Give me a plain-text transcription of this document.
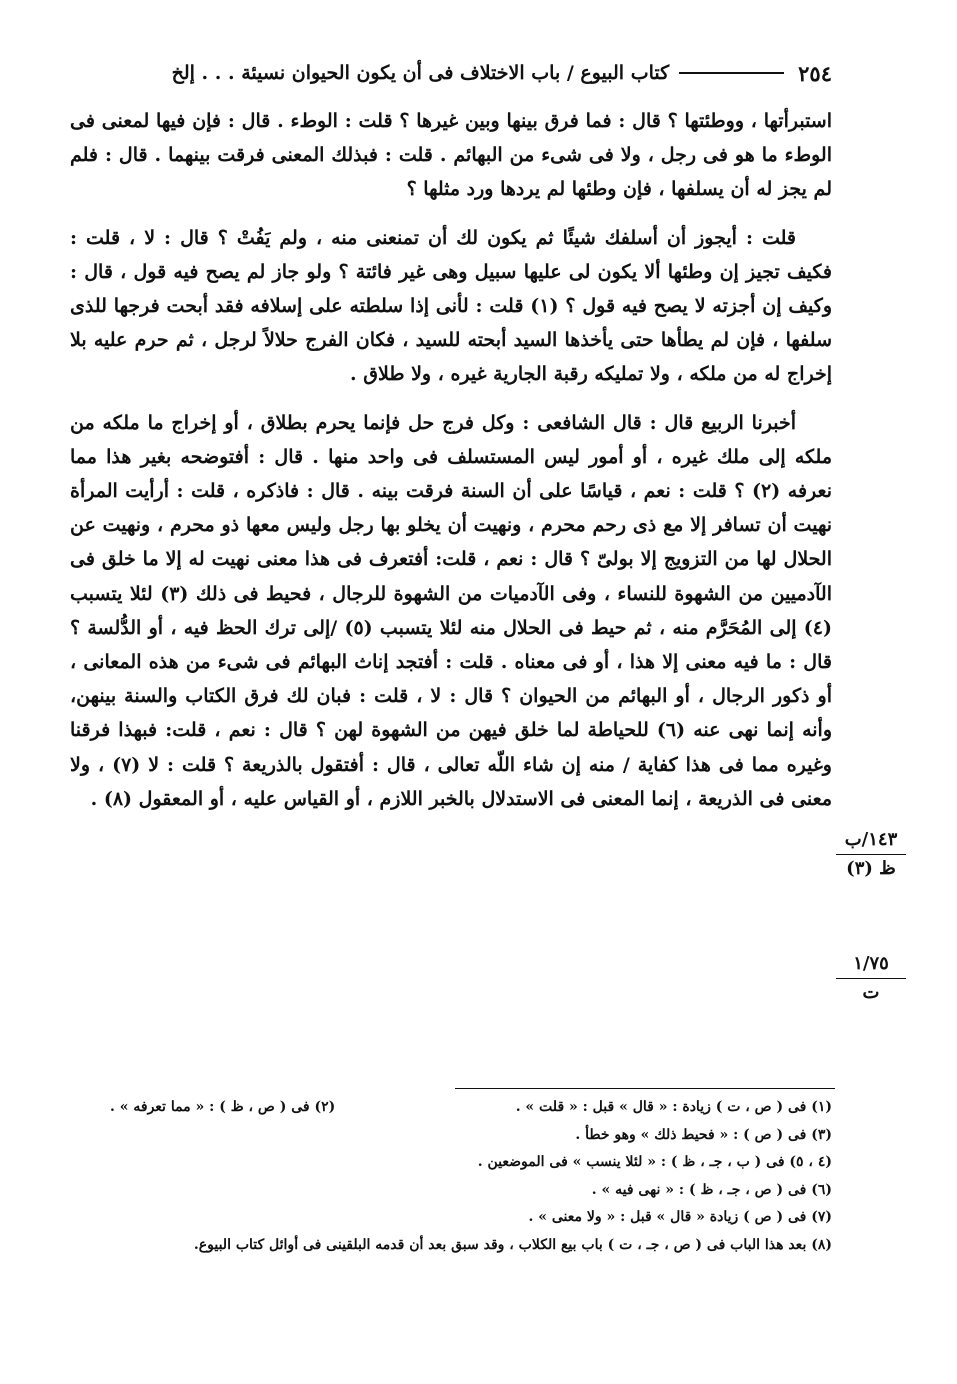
٢٥٤
كتاب البيوع / باب الاختلاف فى أن يكون الحيوان نسيئة . . . إلخ

استبرأتها ، ووطئتها ؟ قال : فما فرق بينها وبين غيرها ؟ قلت : الوطء . قال : فإن فيها لمعنى فى الوطء ما هو فى رجل ، ولا فى شىء من البهائم . قلت : فبذلك المعنى فرقت بينهما . قال : فلم لم يجز له أن يسلفها ، فإن وطئها لم يردها ورد مثلها ؟

قلت : أيجوز أن أسلفك شيئًا ثم يكون لك أن تمنعنى منه ، ولم يَفُتْ ؟ قال : لا ، قلت : فكيف تجيز إن وطئها ألا يكون لى عليها سبيل وهى غير فائتة ؟ ولو جاز لم يصح فيه قول ، قال : وكيف إن أجزته لا يصح فيه قول ؟ (١) قلت : لأنى إذا سلطته على إسلافه فقد أبحت فرجها للذى سلفها ، فإن لم يطأها حتى يأخذها السيد أبحته للسيد ، فكان الفرج حلالاً لرجل ، ثم حرم عليه بلا إخراج له من ملكه ، ولا تمليكه رقبة الجارية غيره ، ولا طلاق .

أخبرنا الربيع قال : قال الشافعى : وكل فرج حل فإنما يحرم بطلاق ، أو إخراج ما ملكه من ملكه إلى ملك غيره ، أو أمور ليس المستسلف فى واحد منها . قال : أفتوضحه بغير هذا مما نعرفه (٢) ؟ قلت : نعم ، قياسًا على أن السنة فرقت بينه . قال : فاذكره ، قلت : أرأيت المرأة نهيت أن تسافر إلا مع ذى رحم محرم ، ونهيت أن يخلو بها رجل وليس معها ذو محرم ، ونهيت عن الحلال لها من التزويج إلا بولىّ ؟ قال : نعم ، قلت: أفتعرف فى هذا معنى نهيت له إلا ما خلق فى الآدميين من الشهوة للنساء ، وفى الآدميات من الشهوة للرجال ، فحيط فى ذلك (٣) لئلا يتسبب (٤) إلى المُحَرَّم منه ، ثم حيط فى الحلال منه لئلا يتسبب (٥) /إلى ترك الحظ فيه ، أو الدُّلسة ؟ قال : ما فيه معنى إلا هذا ، أو فى معناه . قلت : أفتجد إناث البهائم فى شىء من هذه المعانى ، أو ذكور الرجال ، أو البهائم من الحيوان ؟ قال : لا ، قلت : فبان لك فرق الكتاب والسنة بينهن، وأنه إنما نهى عنه (٦) للحياطة لما خلق فيهن من الشهوة لهن ؟ قال : نعم ، قلت: فبهذا فرقنا وغيره مما فى هذا كفاية / منه إن شاء اللّه تعالى ، قال : أفتقول بالذريعة ؟ قلت : لا (٧) ، ولا معنى فى الذريعة ، إنما المعنى فى الاستدلال بالخبر اللازم ، أو القياس عليه ، أو المعقول (٨) .

١٤٣/ب
ظ (٣)
١/٧٥
ت
(١) فى ( ص ، ت ) زيادة : « قال » قبل : « قلت » .
(٢) فى ( ص ، ظ ) : « مما تعرفه » .

(٣) فى ( ص ) : « فحيط ذلك » وهو خطأ .

(٤ ، ٥) فى ( ب ، جـ ، ظ ) : « لئلا ينسب » فى الموضعين .

(٦) فى ( ص ، جـ ، ظ ) : « نهى فيه » .

(٧) فى ( ص ) زيادة « قال » قبل : « ولا معنى » .

(٨) بعد هذا الباب فى ( ص ، جـ ، ت ) باب بيع الكلاب ، وقد سبق بعد أن قدمه البلقينى فى أوائل كتاب البيوع.
